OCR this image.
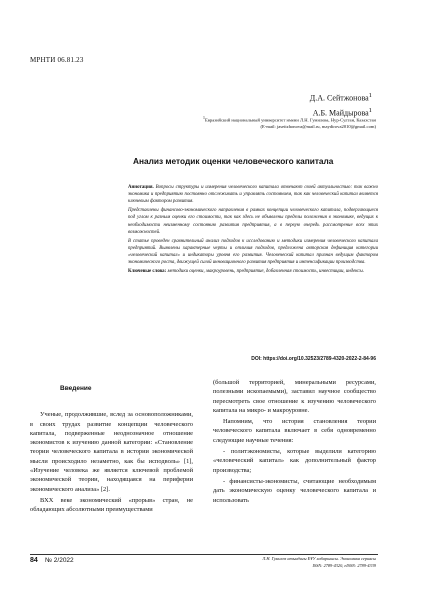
МРНТИ 06.81.23
Д.А. Сейтжонова$^1$
А.Б. Майдырова$^1$
$^1$Евразийский национальный университет имени Л.Н. Гумилева, Нур-Султан, Казахстан
(E-mail: jaseitzhonova@mail.ru, maydirova2010@gmail.com)
Анализ методик оценки человеческого капитала

Аннотация. Вопросы структуры и измерения человеческого капитала отвечают своей актуальностью: так важно экономика и предприятию постоянно отслеживать и управлять состоянием, так как человеческий капитал является ключевым фактором развития.

Представлены финансово-экономического направления в рамках концепции человеческого капитала, подвергающиеся под углом к разным оценки его стоимости, так как здесь не объявлены пределы положения в экономике, ведущих к необходимости неизменному состоянию развития предприятия, а в первую очередь рассмотрение всех этих возможностей.

В статье проведен сравнительный анализ подходов к исследованию и методики измерения человеческого капитала предприятий. Выявлены характерные черты и отличия подходов, предложена авторская дефиниция категории «человеческий капитал» и индикаторы уровня его развития. Человеческий капитал признан ведущим фактором экономического роста, движущей силой инновационного развития предприятия и интенсификации производства.

Ключевые слова: методики оценки, макроуровень, предприятие, добавленная стоимость, инвестиции, индексы.

DOI: https://doi.org/10.32523/2789-4320-2022-2-84-96

Введение

Ученые, продолжившие, вслед за основоположниками, в своих трудах развитие концепции человеческого капитала, подверженные неоднозначное отношение экономистов к изучению данной категории: «Становление теории человеческого капитала в истории экономической мысли происходило незаметно, как бы исподволь» [1], «Изучение человека же является ключевой проблемой экономической теории, находящаяся на периферии экономического анализа» [2].

ВХХ веке экономический «прорыв» стран, не обладающих абсолютными преимуществами

(большой территорией, минеральными ресурсами, полезными ископаемыми), заставил научное сообщество пересмотреть свое отношение к изучению человеческого капитала на микро- и макроуровне.

Напомним, что история становления теории человеческого капитала включает в себя одновременно следующие научные течения:

- политэкономисты, которые выделили категорию «человеческий капитал» как дополнительный фактор производства;

- финансисты-экономисты, считающие необходимым дать экономическую оценку человеческого капитала и использовать

84 № 2/2022	Л.Н. Гумилев атындағы ЕҰУ хабаршысы. Экономика сериясы
ISSN: 2789-4320, eISSN: 2789-4339
